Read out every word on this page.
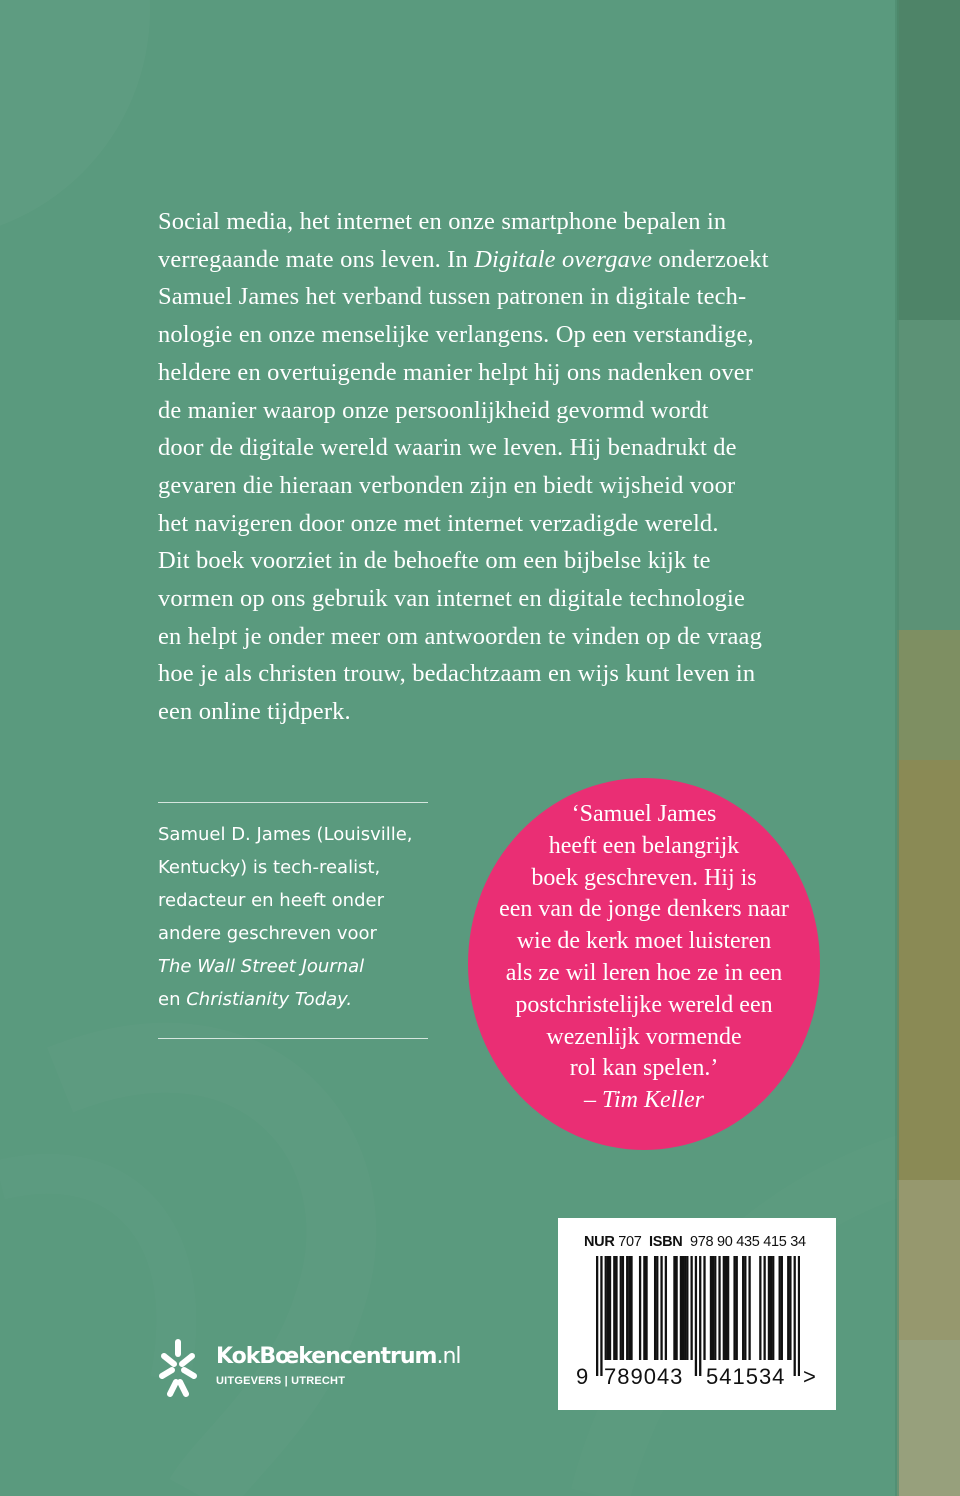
Social media, het internet en onze smartphone bepalen in
verregaande mate ons leven. In Digitale overgave onderzoekt
Samuel James het verband tussen patronen in digitale tech-
nologie en onze menselijke verlangens. Op een verstandige,
heldere en overtuigende manier helpt hij ons nadenken over
de manier waarop onze persoonlijkheid gevormd wordt
door de digitale wereld waarin we leven. Hij benadrukt de
gevaren die hieraan verbonden zijn en biedt wijsheid voor
het navigeren door onze met internet verzadigde wereld.
Dit boek voorziet in de behoefte om een bijbelse kijk te
vormen op ons gebruik van internet en digitale technologie
en helpt je onder meer om antwoorden te vinden op de vraag
hoe je als christen trouw, bedachtzaam en wijs kunt leven in
een online tijdperk.

Samuel D. James (Louisville,
Kentucky) is tech-realist,
redacteur en heeft onder
andere geschreven voor
The Wall Street Journal
en Christianity Today.
‘Samuel James
heeft een belangrijk
boek geschreven. Hij is
een van de jonge denkers naar
wie de kerk moet luisteren
als ze wil leren hoe ze in een
postchristelijke wereld een
wezenlijk vormende
rol kan spelen.’
– Tim Keller
NUR 707 ISBN 978 90 435 415 34
9 789043 541534 >
KokBœkencentrum.nl
UITGEVERS | UTRECHT
